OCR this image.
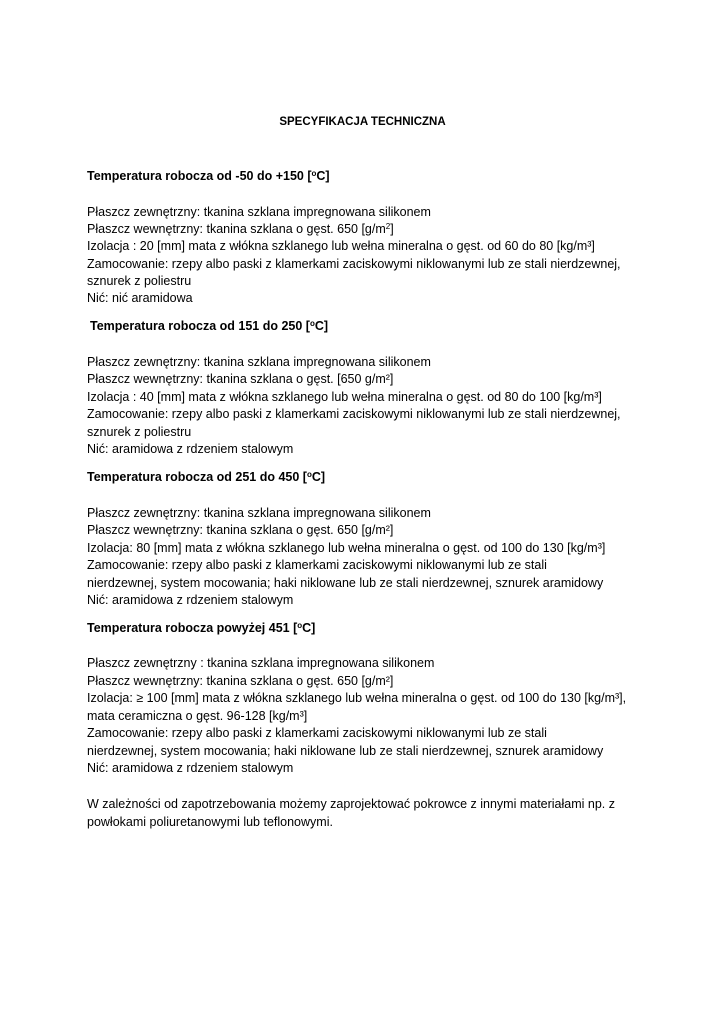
SPECYFIKACJA TECHNICZNA
Temperatura robocza od -50 do +150 [$^o$C]
Płaszcz zewnętrzny: tkanina szklana impregnowana silikonem
Płaszcz wewnętrzny: tkanina szklana o gęst. 650 $[g/m^2]$
Izolacja : 20 [mm] mata z włókna szklanego lub wełna mineralna o gęst. od 60 do 80 [kg/m³]
Zamocowanie: rzepy albo paski z klamerkami zaciskowymi niklowanymi lub ze stali nierdzewnej,
sznurek z poliestru
Nić: nić aramidowa
Temperatura robocza od 151 do 250 [$^o$C]
Płaszcz zewnętrzny: tkanina szklana impregnowana silikonem
Płaszcz wewnętrzny: tkanina szklana o gęst. [650 g/m²]
Izolacja : 40 [mm] mata z włókna szklanego lub wełna mineralna o gęst. od 80 do 100 [kg/m³]
Zamocowanie: rzepy albo paski z klamerkami zaciskowymi niklowanymi lub ze stali nierdzewnej,
sznurek z poliestru
Nić: aramidowa z rdzeniem stalowym
Temperatura robocza od 251 do 450 [$^o$C]
Płaszcz zewnętrzny: tkanina szklana impregnowana silikonem
Płaszcz wewnętrzny: tkanina szklana o gęst. 650 [g/m²]
Izolacja: 80 [mm] mata z włókna szklanego lub wełna mineralna o gęst. od 100 do 130 [kg/m³]
Zamocowanie: rzepy albo paski z klamerkami zaciskowymi niklowanymi lub ze stali
nierdzewnej, system mocowania; haki niklowane lub ze stali nierdzewnej, sznurek aramidowy
Nić: aramidowa z rdzeniem stalowym
Temperatura robocza powyżej 451 [$^o$C]
Płaszcz zewnętrzny : tkanina szklana impregnowana silikonem
Płaszcz wewnętrzny: tkanina szklana o gęst. 650 [g/m²]
Izolacja: ≥ 100 [mm] mata z włókna szklanego lub wełna mineralna o gęst. od 100 do 130 [kg/m³],
mata ceramiczna o gęst. 96-128 [kg/m³]
Zamocowanie: rzepy albo paski z klamerkami zaciskowymi niklowanymi lub ze stali
nierdzewnej, system mocowania; haki niklowane lub ze stali nierdzewnej, sznurek aramidowy
Nić: aramidowa z rdzeniem stalowym
W zależności od zapotrzebowania możemy zaprojektować pokrowce z innymi materiałami np. z
powłokami poliuretanowymi lub teflonowymi.
